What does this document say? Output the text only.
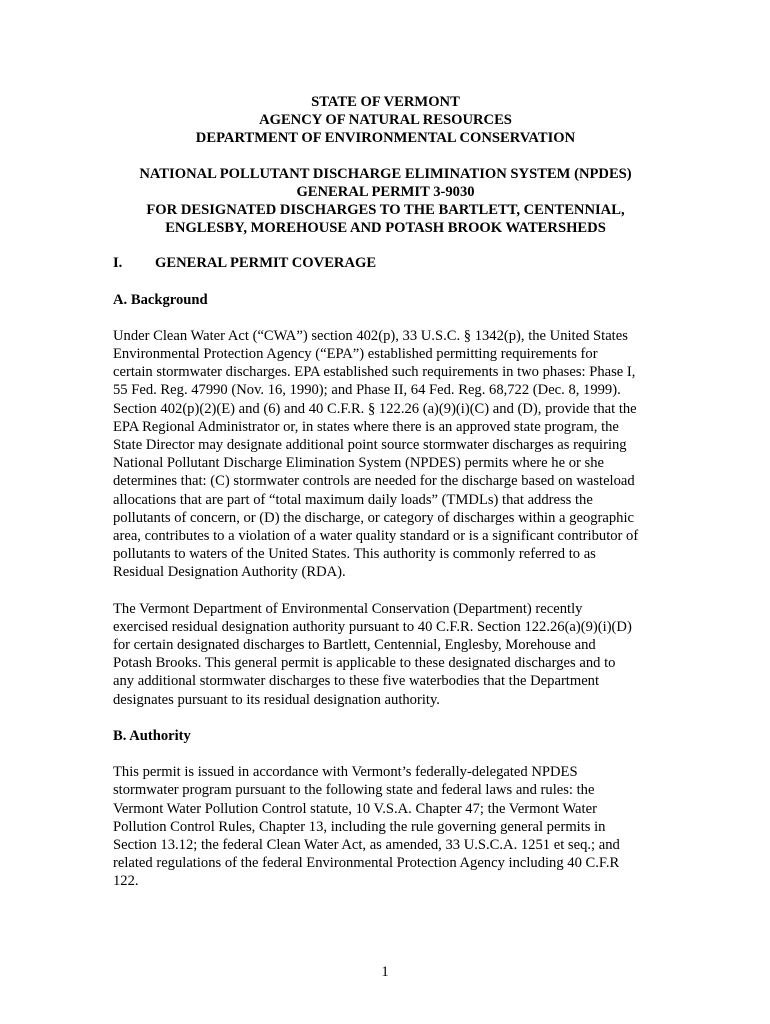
STATE OF VERMONT

AGENCY OF NATURAL RESOURCES

DEPARTMENT OF ENVIRONMENTAL CONSERVATION

NATIONAL POLLUTANT DISCHARGE ELIMINATION SYSTEM (NPDES)

GENERAL PERMIT 3-9030

FOR DESIGNATED DISCHARGES TO THE BARTLETT, CENTENNIAL,

ENGLESBY, MOREHOUSE AND POTASH BROOK WATERSHEDS

I.	GENERAL PERMIT COVERAGE
A. Background
Under Clean Water Act (“CWA”) section 402(p), 33 U.S.C. § 1342(p), the United States
Environmental Protection Agency (“EPA”) established permitting requirements for
certain stormwater discharges. EPA established such requirements in two phases: Phase I,
55 Fed. Reg. 47990 (Nov. 16, 1990); and Phase II, 64 Fed. Reg. 68,722 (Dec. 8, 1999).
Section 402(p)(2)(E) and (6) and 40 C.F.R. § 122.26 (a)(9)(i)(C) and (D), provide that the
EPA Regional Administrator or, in states where there is an approved state program, the
State Director may designate additional point source stormwater discharges as requiring
National Pollutant Discharge Elimination System (NPDES) permits where he or she
determines that: (C) stormwater controls are needed for the discharge based on wasteload
allocations that are part of “total maximum daily loads” (TMDLs) that address the
pollutants of concern, or (D) the discharge, or category of discharges within a geographic
area, contributes to a violation of a water quality standard or is a significant contributor of
pollutants to waters of the United States. This authority is commonly referred to as
Residual Designation Authority (RDA).
The Vermont Department of Environmental Conservation (Department) recently
exercised residual designation authority pursuant to 40 C.F.R. Section 122.26(a)(9)(i)(D)
for certain designated discharges to Bartlett, Centennial, Englesby, Morehouse and
Potash Brooks. This general permit is applicable to these designated discharges and to
any additional stormwater discharges to these five waterbodies that the Department
designates pursuant to its residual designation authority.
B. Authority
This permit is issued in accordance with Vermont’s federally-delegated NPDES
stormwater program pursuant to the following state and federal laws and rules: the
Vermont Water Pollution Control statute, 10 V.S.A. Chapter 47; the Vermont Water
Pollution Control Rules, Chapter 13, including the rule governing general permits in
Section 13.12; the federal Clean Water Act, as amended, 33 U.S.C.A. 1251 et seq.; and
related regulations of the federal Environmental Protection Agency including 40 C.F.R
122.
1
